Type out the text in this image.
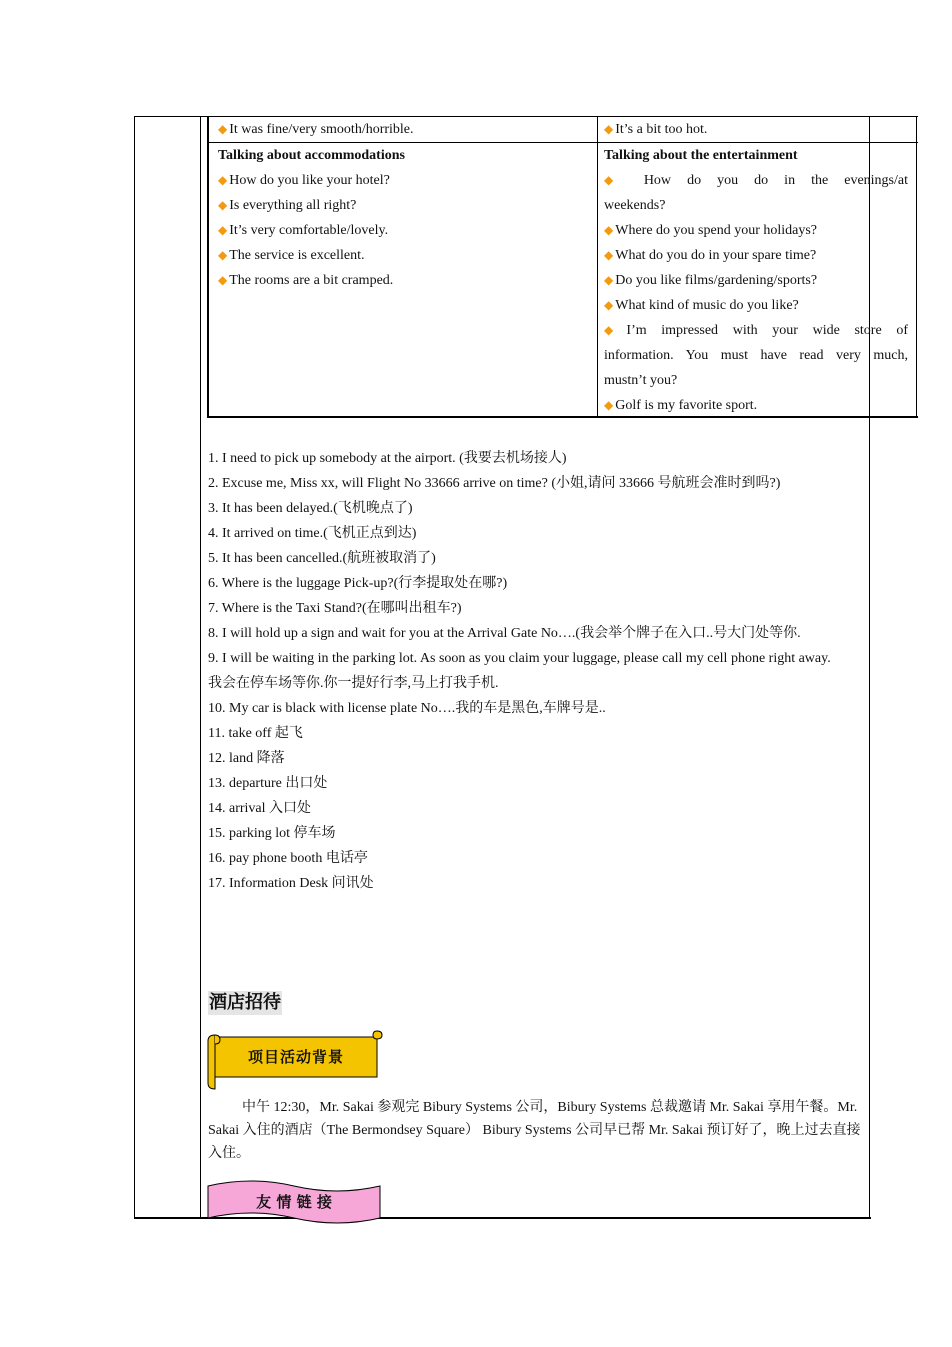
◆ It was fine/very smooth/horrible.
Talking about accommodations
◆ How do you like your hotel?
◆ Is everything all right?
◆ It’s very comfortable/lovely.
◆ The service is excellent.
◆ The rooms are a bit cramped.
◆ It’s a bit too hot.
Talking about the entertainment
◆ How do you do in the evenings/at
weekends?
◆ Where do you spend your holidays?
◆ What do you do in your spare time?
◆ Do you like films/gardening/sports?
◆ What kind of music do you like?
◆ I’m impressed with your wide store of
information. You must have read very much,
mustn’t you?
◆ Golf is my favorite sport.
1. I need to pick up somebody at the airport. (我要去机场接人)
2. Excuse me, Miss xx, will Flight No 33666 arrive on time? (小姐,请问 33666 号航班会准时到吗?)
3. It has been delayed.(飞机晚点了)
4. It arrived on time.(飞机正点到达)
5. It has been cancelled.(航班被取消了)
6. Where is the luggage Pick-up?(行李提取处在哪?)
7. Where is the Taxi Stand?(在哪叫出租车?)
8. I will hold up a sign and wait for you at the Arrival Gate No….(我会举个牌子在入口..号大门处等你.
9. I will be waiting in the parking lot. As soon as you claim your luggage, please call my cell phone right away.我会在停车场等你.你一提好行李,马上打我手机.
10. My car is black with license plate No….我的车是黑色,车牌号是..
11. take off 起飞
12. land 降落
13. departure 出口处
14. arrival 入口处
15. parking lot 停车场
16. pay phone booth 电话亭
17. Information Desk 问讯处
酒店招待
项目活动背景
中午 12:30，Mr. Sakai 参观完 Bibury Systems 公司，Bibury Systems 总裁邀请 Mr. Sakai 享用午餐。Mr. Sakai 入住的酒店（The Bermondsey Square） Bibury Systems 公司早已帮 Mr. Sakai 预订好了，晚上过去直接入住。
友 情 链 接
